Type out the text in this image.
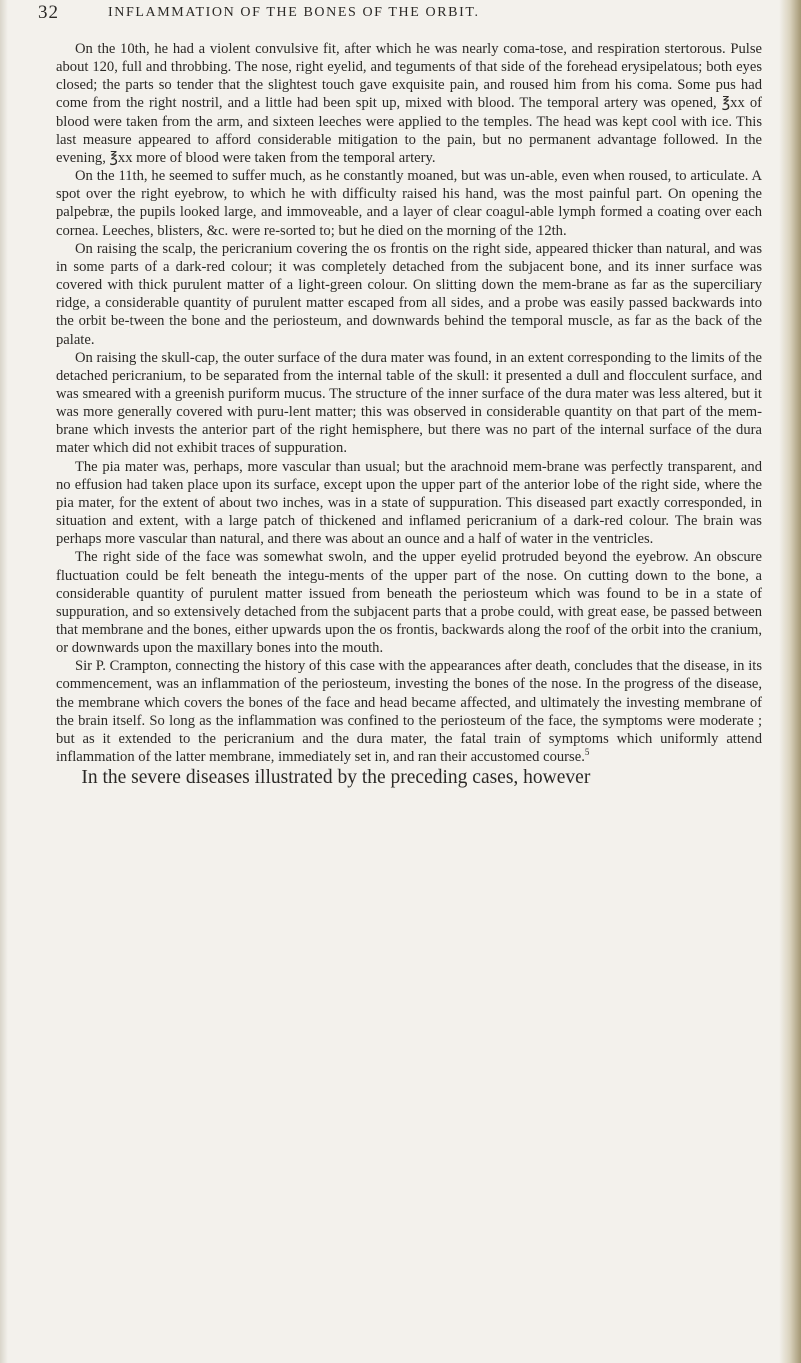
32	INFLAMMATION OF THE BONES OF THE ORBIT.

On the 10th, he had a violent convulsive fit, after which he was nearly coma-tose, and respiration stertorous. Pulse about 120, full and throbbing. The nose, right eyelid, and teguments of that side of the forehead erysipelatous; both eyes closed; the parts so tender that the slightest touch gave exquisite pain, and roused him from his coma. Some pus had come from the right nostril, and a little had been spit up, mixed with blood. The temporal artery was opened, ℥xx of blood were taken from the arm, and sixteen leeches were applied to the temples. The head was kept cool with ice. This last measure appeared to afford considerable mitigation to the pain, but no permanent advantage followed. In the evening, ℥xx more of blood were taken from the temporal artery.

On the 11th, he seemed to suffer much, as he constantly moaned, but was un-able, even when roused, to articulate. A spot over the right eyebrow, to which he with difficulty raised his hand, was the most painful part. On opening the palpebræ, the pupils looked large, and immoveable, and a layer of clear coagul-able lymph formed a coating over each cornea. Leeches, blisters, &c. were re-sorted to; but he died on the morning of the 12th.

On raising the scalp, the pericranium covering the os frontis on the right side, appeared thicker than natural, and was in some parts of a dark-red colour; it was completely detached from the subjacent bone, and its inner surface was covered with thick purulent matter of a light-green colour. On slitting down the mem-brane as far as the superciliary ridge, a considerable quantity of purulent matter escaped from all sides, and a probe was easily passed backwards into the orbit be-tween the bone and the periosteum, and downwards behind the temporal muscle, as far as the back of the palate.

On raising the skull-cap, the outer surface of the dura mater was found, in an extent corresponding to the limits of the detached pericranium, to be separated from the internal table of the skull: it presented a dull and flocculent surface, and was smeared with a greenish puriform mucus. The structure of the inner surface of the dura mater was less altered, but it was more generally covered with puru-lent matter; this was observed in considerable quantity on that part of the mem-brane which invests the anterior part of the right hemisphere, but there was no part of the internal surface of the dura mater which did not exhibit traces of suppuration.

The pia mater was, perhaps, more vascular than usual; but the arachnoid mem-brane was perfectly transparent, and no effusion had taken place upon its surface, except upon the upper part of the anterior lobe of the right side, where the pia mater, for the extent of about two inches, was in a state of suppuration. This diseased part exactly corresponded, in situation and extent, with a large patch of thickened and inflamed pericranium of a dark-red colour. The brain was perhaps more vascular than natural, and there was about an ounce and a half of water in the ventricles.

The right side of the face was somewhat swoln, and the upper eyelid protruded beyond the eyebrow. An obscure fluctuation could be felt beneath the integu-ments of the upper part of the nose. On cutting down to the bone, a considerable quantity of purulent matter issued from beneath the periosteum which was found to be in a state of suppuration, and so extensively detached from the subjacent parts that a probe could, with great ease, be passed between that membrane and the bones, either upwards upon the os frontis, backwards along the roof of the orbit into the cranium, or downwards upon the maxillary bones into the mouth.

Sir P. Crampton, connecting the history of this case with the appearances after death, concludes that the disease, in its commencement, was an inflammation of the periosteum, investing the bones of the nose. In the progress of the disease, the membrane which covers the bones of the face and head became affected, and ultimately the investing membrane of the brain itself. So long as the inflammation was confined to the periosteum of the face, the symptoms were moderate ; but as it extended to the pericranium and the dura mater, the fatal train of symptoms which uniformly attend inflammation of the latter membrane, immediately set in, and ran their accustomed course.$^5$

In the severe diseases illustrated by the preceding cases, however
